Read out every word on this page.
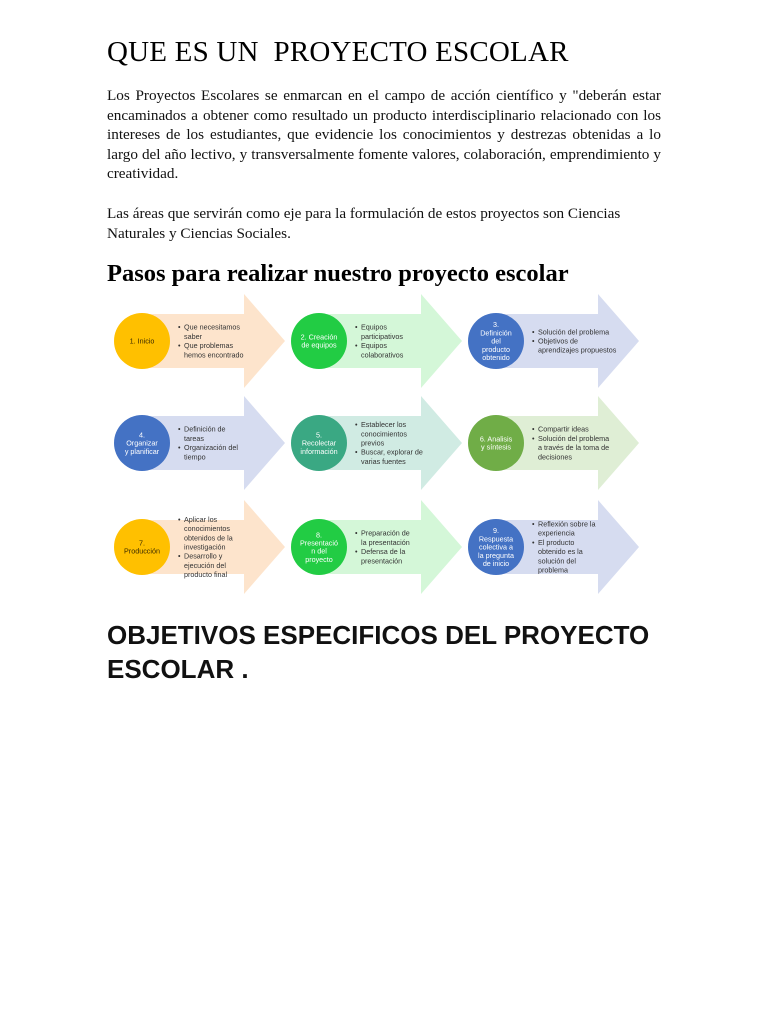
QUE ES UN  PROYECTO ESCOLAR

Los Proyectos Escolares se enmarcan en el campo de acción científico y "deberán estar encaminados a obtener como resultado un producto interdisciplinario relacionado con los intereses de los estudiantes, que evidencie los conocimientos y destrezas obtenidas a lo largo del año lectivo, y transversalmente fomente valores, colaboración, emprendimiento y creatividad.

Las áreas que servirán como eje para la formulación de estos proyectos son Ciencias Naturales y Ciencias Sociales.

Pasos para realizar nuestro proyecto escolar
1. Inicio
• Que necesitamos saber • Que problemas hemos encontrado
2. Creación de equipos
• Equipos participativos • Equipos colaborativos
3. Definición del producto obtenido
• Solución del problema • Objetivos de aprendizajes propuestos
4. Organizar y planificar
• Definición de tareas • Organización del tiempo
5. Recolectar información
• Establecer los conocimientos previos • Buscar, explorar de varias fuentes
6. Analisis y síntesis
• Compartir ideas • Solución del problema a través de la toma de decisiones
7. Producción
• Aplicar los conocimientos obtenidos de la investigación • Desarrollo y ejecución del producto final
8. Presentació n del proyecto
• Preparación de la presentación • Defensa de la presentación
9. Respuesta colectiva a la pregunta de inicio
• Reflexión sobre la experiencia • El producto obtenido es la solución del problema
OBJETIVOS ESPECIFICOS DEL PROYECTO ESCOLAR .
